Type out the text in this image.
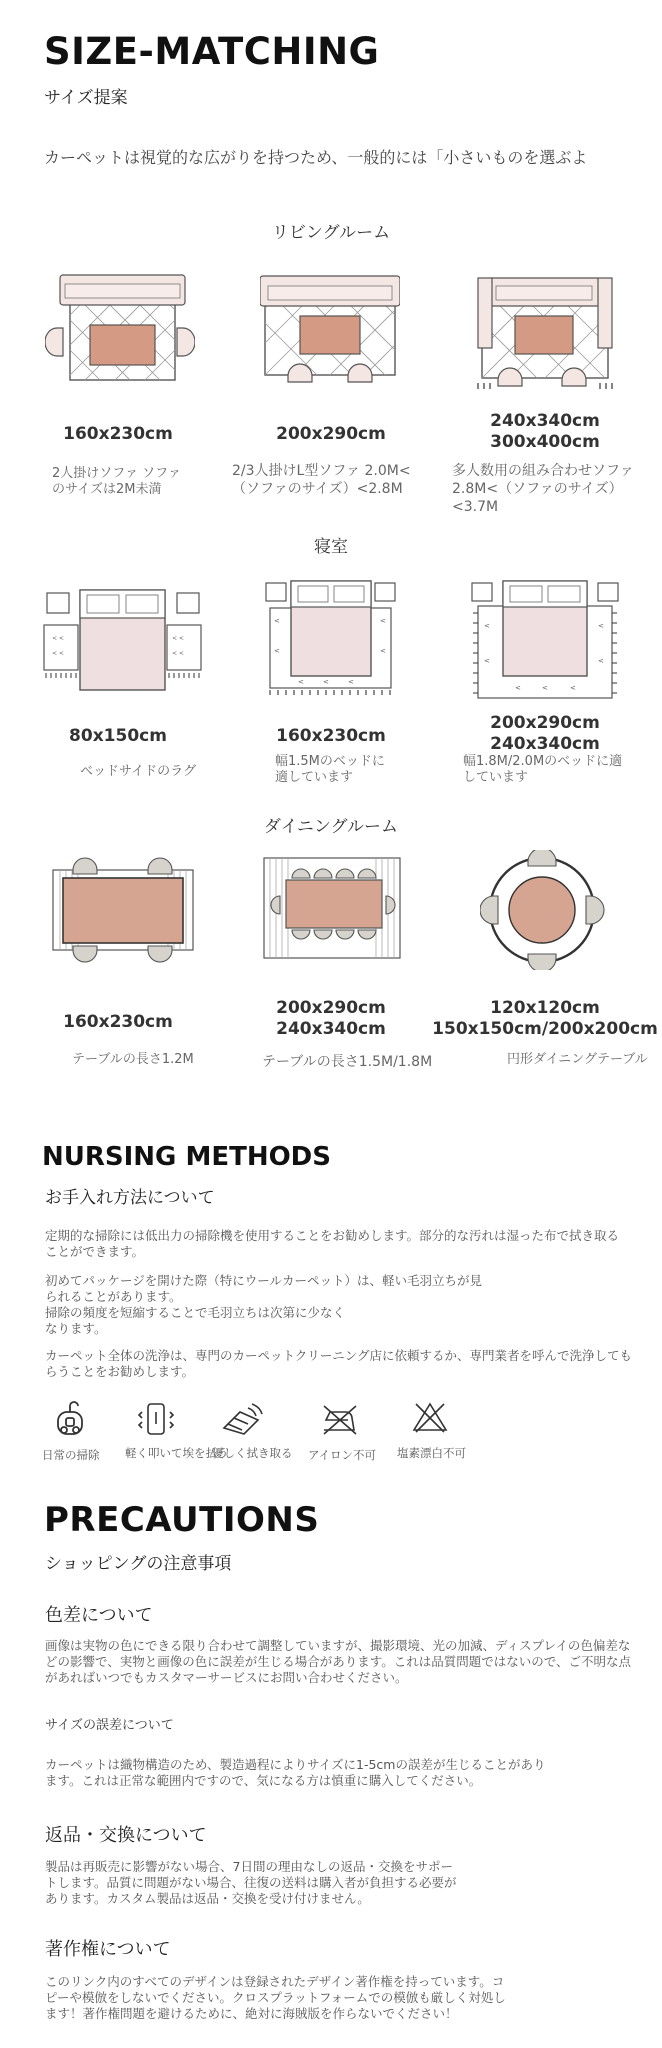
SIZE-MATCHING
サイズ提案
カーペットは視覚的な広がりを持つため、一般的には「小さいものを選ぶよ
リビングルーム
160x230cm	200x290cm
240x340cm
300x400cm
2人掛けソファ ソファのサイズは2M未満
2/3人掛けL型ソファ 2.0M<（ソファのサイズ）<2.8M
多人数用の組み合わせソファ 2.8M<（ソファのサイズ）<3.7M
寝室
< <	< <
< <	< <
<	<
<	<
<	<	<
<	<
<	<
<	<	<
80x150cm	160x230cm
200x290cm
240x340cm
ベッドサイドのラグ
幅1.5Mのベッドに適しています
幅1.8M/2.0Mのベッドに適しています
ダイニングルーム
160x230cm
200x290cm
240x340cm
120x120cm
150x150cm/200x200cm
テーブルの長さ1.2M	テーブルの長さ1.5M/1.8M	円形ダイニングテーブル
NURSING METHODS
お手入れ方法について
定期的な掃除には低出力の掃除機を使用することをお勧めします。部分的な汚れは湿った布で拭き取ることができます。
初めてパッケージを開けた際（特にウールカーペット）は、軽い毛羽立ちが見られることがあります。
掃除の頻度を短縮することで毛羽立ちは次第に少なくなります。
カーペット全体の洗浄は、専門のカーペットクリーニング店に依頼するか、専門業者を呼んで洗浄してもらうことをお勧めします。
日常の掃除 軽く叩いて埃を払う
優しく拭き取る アイロン不可 塩素漂白不可
PRECAUTIONS
ショッピングの注意事項
色差について
画像は実物の色にできる限り合わせて調整していますが、撮影環境、光の加減、ディスプレイの色偏差などの影響で、実物と画像の色に誤差が生じる場合があります。これは品質問題ではないので、ご不明な点があればいつでもカスタマーサービスにお問い合わせください。
サイズの誤差について
カーペットは織物構造のため、製造過程によりサイズに1-5cmの誤差が生じることがあります。これは正常な範囲内ですので、気になる方は慎重に購入してください。
返品・交換について
製品は再販売に影響がない場合、7日間の理由なしの返品・交換をサポートします。品質に問題がない場合、往復の送料は購入者が負担する必要があります。カスタム製品は返品・交換を受け付けません。
著作権について
このリンク内のすべてのデザインは登録されたデザイン著作権を持っています。コピーや模倣をしないでください。クロスプラットフォームでの模倣も厳しく対処します！著作権問題を避けるために、絶対に海賊版を作らないでください！
